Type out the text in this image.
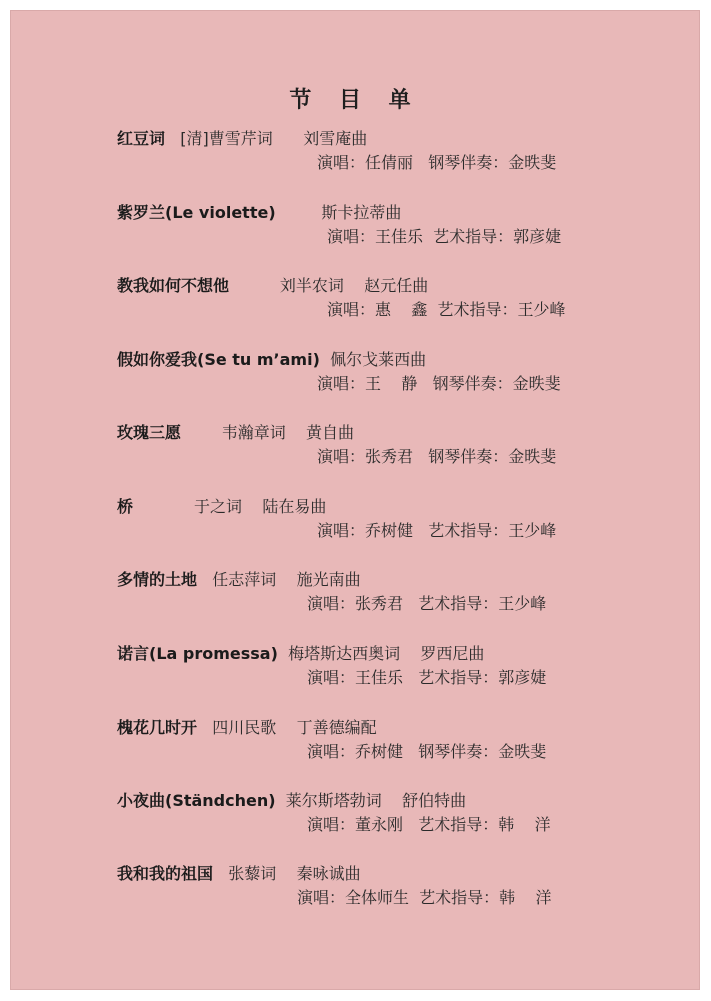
节 目 单
红豆词   [清]曹雪芹词      刘雪庵曲
演唱：任倩丽   钢琴伴奏：金昳斐
紫罗兰(Le violette)         斯卡拉蒂曲
演唱：王佳乐  艺术指导：郭彦婕
教我如何不想他          刘半农词    赵元任曲
演唱：惠    鑫  艺术指导：王少峰
假如你爱我(Se tu m’ami)  佩尔戈莱西曲
演唱：王    静   钢琴伴奏：金昳斐
玫瑰三愿        韦瀚章词    黄自曲
演唱：张秀君   钢琴伴奏：金昳斐
桥            于之词    陆在易曲
演唱：乔树健   艺术指导：王少峰
多情的土地   任志萍词    施光南曲
演唱：张秀君   艺术指导：王少峰
诺言(La promessa)  梅塔斯达西奥词    罗西尼曲
演唱：王佳乐   艺术指导：郭彦婕
槐花几时开   四川民歌    丁善德编配
演唱：乔树健   钢琴伴奏：金昳斐
小夜曲(Ständchen)  莱尔斯塔勃词    舒伯特曲
演唱：董永刚   艺术指导：韩    洋
我和我的祖国   张藜词    秦咏诚曲
演唱：全体师生  艺术指导：韩    洋
